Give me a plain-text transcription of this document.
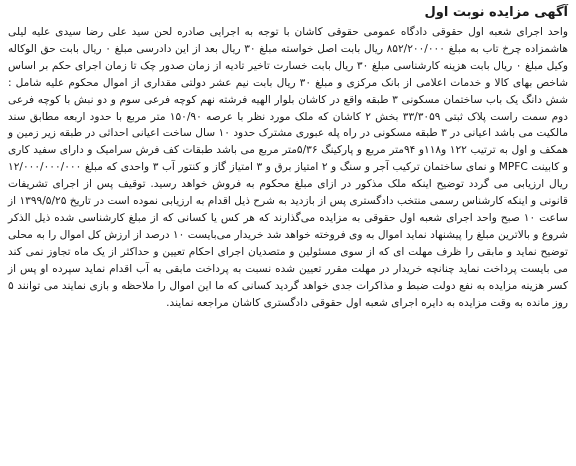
آگهی مزایده نوبت اول

واحد اجرای شعبه اول حقوقی دادگاه عمومی حقوقی کاشان با توجه به اجرایی صادره لحن سید علی رضا سیدی علیه لیلی هاشمزاده چرخ تاب به مبلغ ۸۵۲/۲۰۰/۰۰۰ ریال بابت اصل خواسته مبلغ ۳۰ ریال بعد از این دادرسی مبلغ ۰ ریال بابت حق الوکاله وکیل مبلغ ۰ ریال بابت هزینه کارشناسی مبلغ ۳۰ ریال بابت خسارت تاخیر تادیه از زمان صدور چک تا زمان اجرای حکم بر اساس شاخص بهای کالا و خدمات اعلامی از بانک مرکزی و مبلغ ۳۰ ریال بابت نیم عشر دولتی مقداری از اموال محکوم علیه شامل : شش دانگ یک باب ساختمان مسکونی ۳ طبقه واقع در کاشان بلوار الهیه فرشته نهم کوچه فرعی سوم و دو نبش با کوچه فرعی دوم سمت راست پلاک ثبتی ۳۳/۳۰۵۹ بخش ۲ کاشان که ملک مورد نظر با عرصه ۱۵۰/۹۰ متر مربع با حدود اربعه مطابق سند مالکیت می باشد اعیانی در ۳ طبقه مسکونی در راه پله عبوری مشترک حدود ۱۰ سال ساخت اعیانی احداثی در طبقه زیر زمین و همکف و اول به ترتیب ۱۲۲ و۱۱۸و ۹۴متر مربع و پارکینگ ۵/۳۶متر مربع می باشد طبقات کف فرش سرامیک و دارای سفید کاری و کابینت MPFC و نمای ساختمان ترکیب آجر و سنگ و ۲ امتیاز برق و ۳ امتیاز گاز و کنتور آب ۳ واحدی که مبلغ ۱۲/۰۰۰/۰۰۰/۰۰۰ ریال ارزیابی می گردد توضیح اینکه ملک مذکور در ازای مبلغ محکوم به فروش خواهد رسید. توقیف پس از اجرای تشریفات قانونی و اینکه کارشناس رسمی منتخب دادگستری پس از بازدید به شرح ذیل اقدام به ارزیابی نموده است در تاریخ ۱۳۹۹/۵/۲۵ از ساعت ۱۰ صبح واحد اجرای شعبه اول حقوقی به مزایده می‌گذارند که هر کس یا کسانی که از مبلغ کارشناسی شده ذیل الذکر شروع و بالاترین مبلغ را پیشنهاد نماید اموال به وی فروخته خواهد شد خریدار می‌بایست ۱۰ درصد از ارزش کل اموال را به محلی توضیح نماید و مابقی را ظرف مهلت ای که از سوی مسئولین و متصدیان اجرای احکام تعیین و حداکثر از یک ماه تجاوز نمی کند می بایست پرداخت نماید چنانچه خریدار در مهلت مقرر تعیین شده نسبت به پرداخت مابقی به آب اقدام نماید سپرده او پس از کسر هزینه مزایده به نفع دولت ضبط و مذاکرات جدی خواهد گردید کسانی که ما این اموال را ملاحظه و بازی نمایند می توانند ۵ روز مانده به وقت مزایده به دایره اجرای شعبه اول حقوقی دادگستری کاشان مراجعه نمایند.
